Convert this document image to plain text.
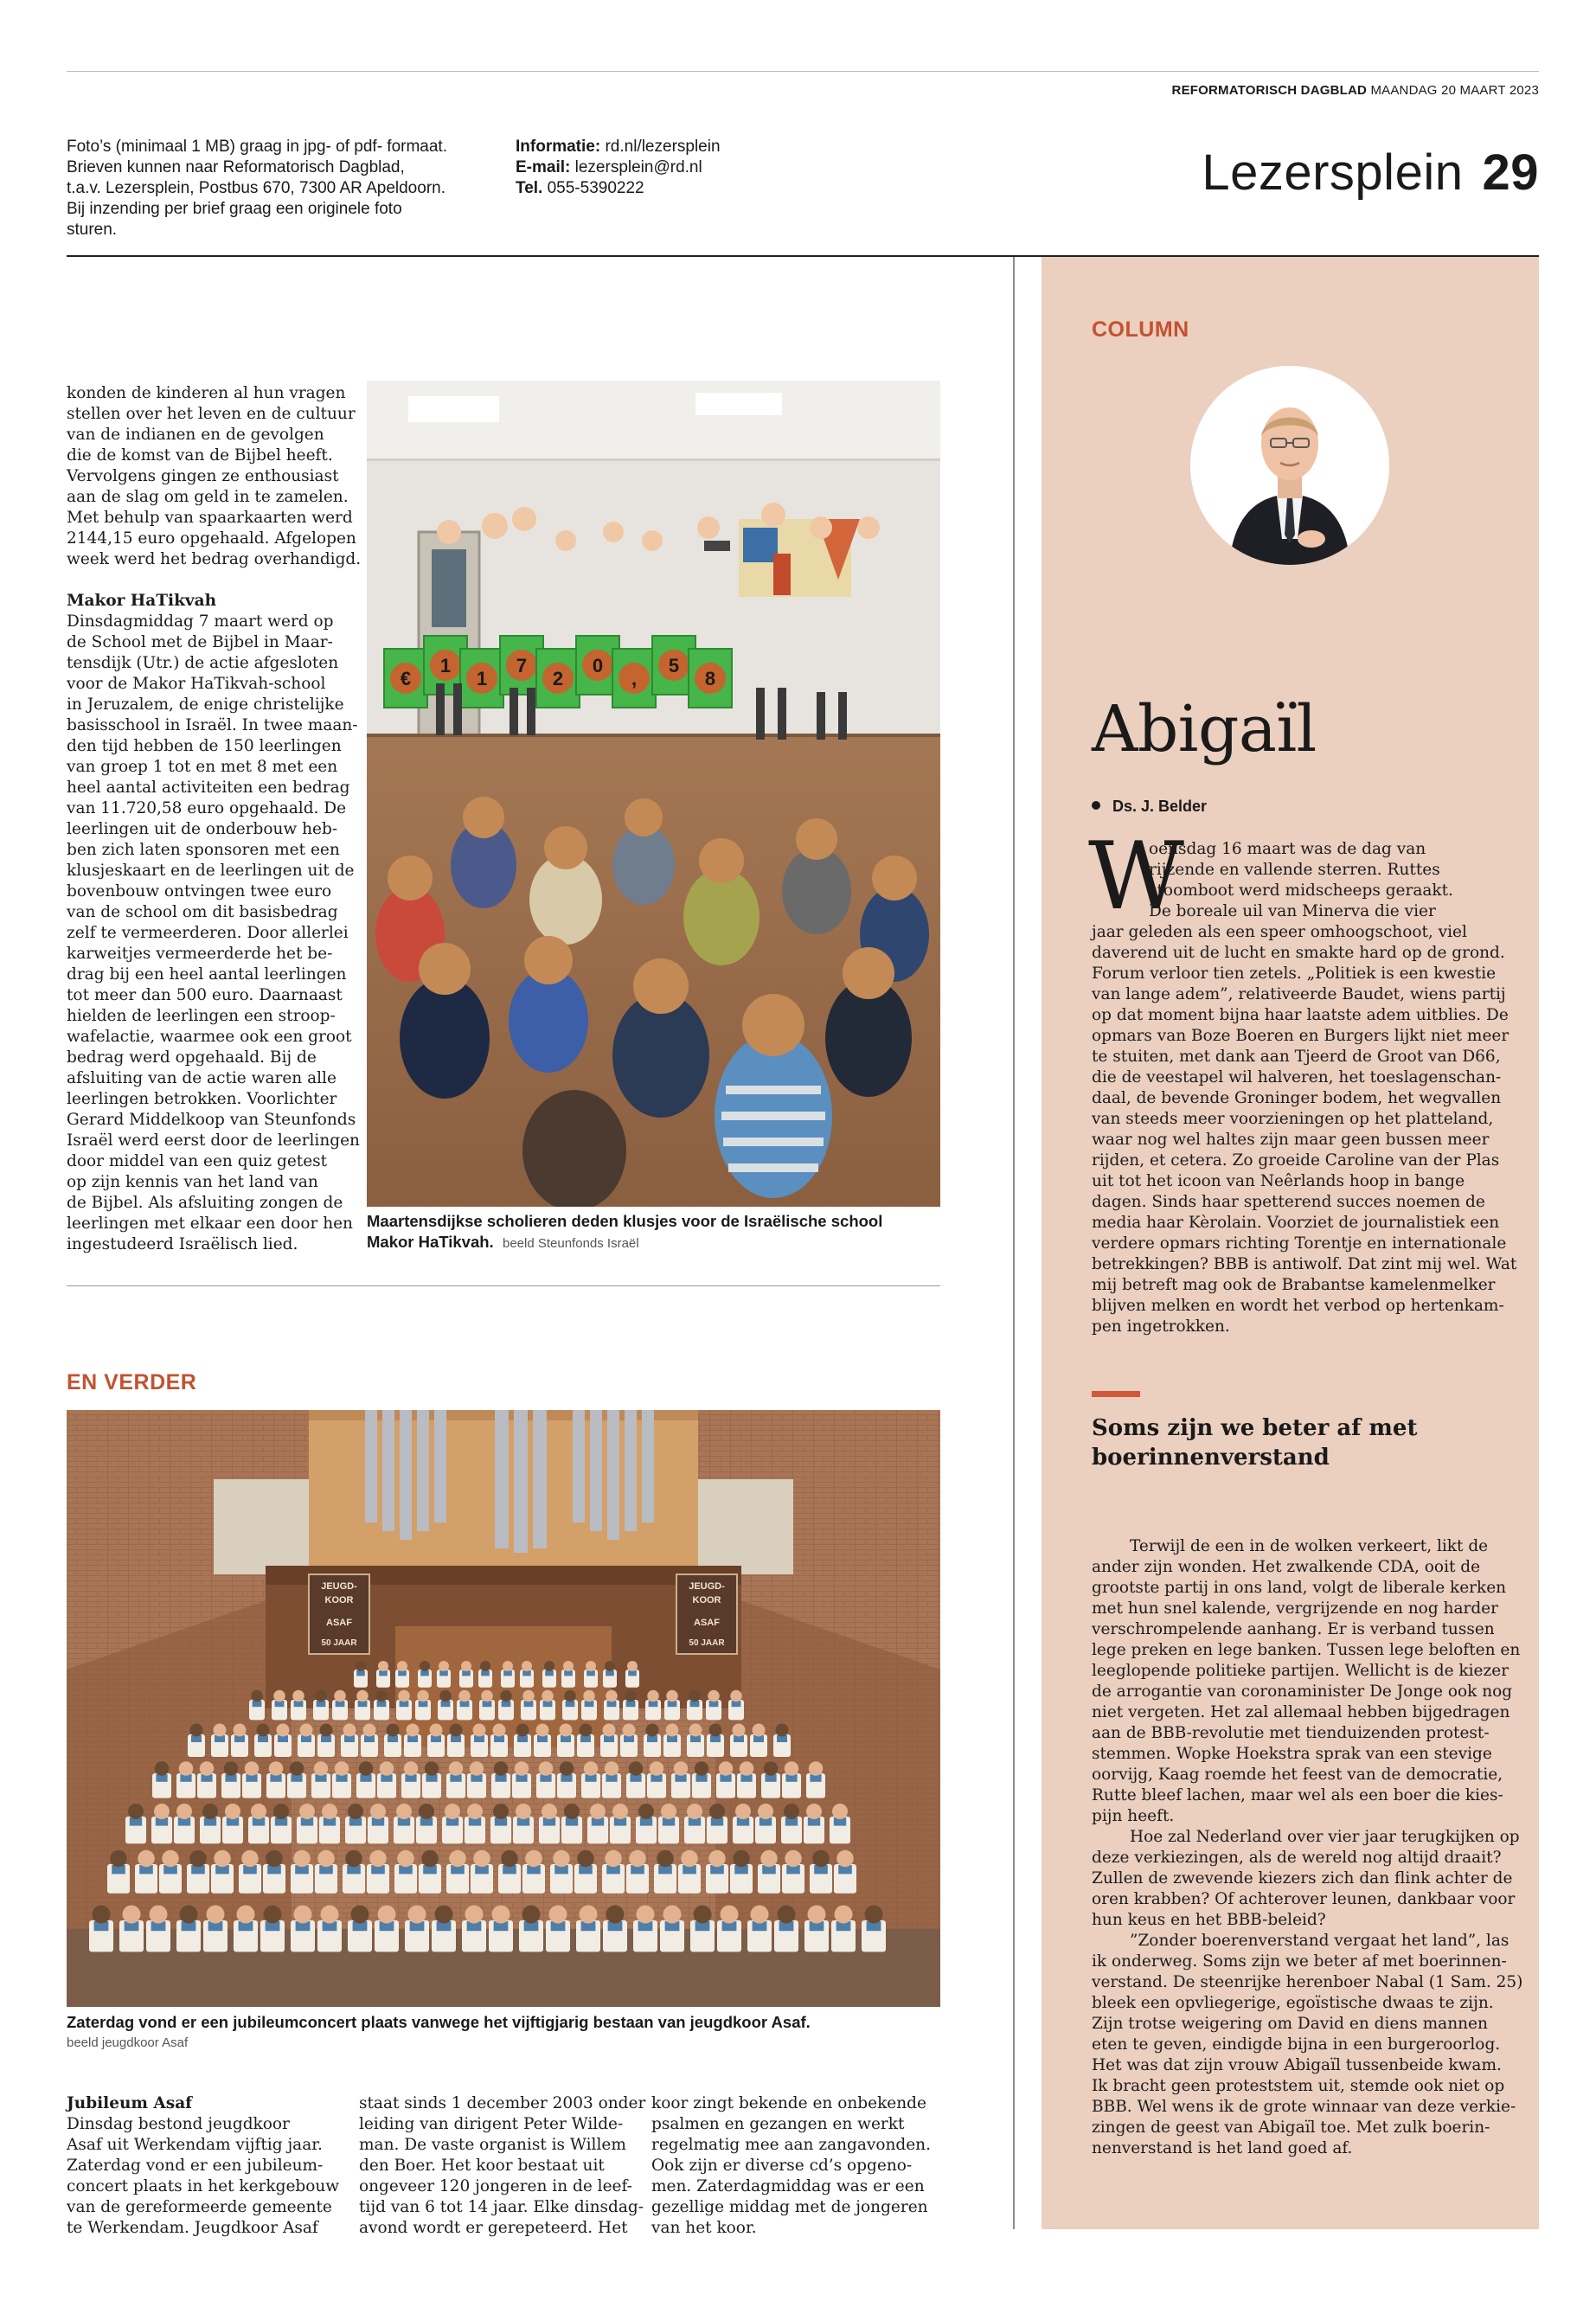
REFORMATORISCH DAGBLAD MAANDAG 20 MAART 2023
Foto’s (minimaal 1 MB) graag in jpg- of pdf- formaat.
Brieven kunnen naar Reformatorisch Dagblad,
t.a.v. Lezersplein, Postbus 670, 7300 AR Apeldoorn.
Bij inzending per brief graag een originele foto
sturen.
Informatie: rd.nl/lezersplein
E-mail: lezersplein@rd.nl
Tel. 055-5390222	Lezersplein 29

konden de kinderen al hun vragen

stellen over het leven en de cultuur

van de indianen en de gevolgen

die de komst van de Bijbel heeft.

Vervolgens gingen ze enthousiast

aan de slag om geld in te zamelen.

Met behulp van spaarkaarten werd

2144,15 euro opgehaald. Afgelopen

week werd het bedrag overhandigd.

Makor HaTikvah

Dinsdagmiddag 7 maart werd op

de School met de Bijbel in Maar-

tensdijk (Utr.) de actie afgesloten

voor de Makor HaTikvah-school

in Jeruzalem, de enige christelijke

basisschool in Israël. In twee maan-

den tijd hebben de 150 leerlingen

van groep 1 tot en met 8 met een

heel aantal activiteiten een bedrag

van 11.720,58 euro opgehaald. De

leerlingen uit de onderbouw heb-

ben zich laten sponsoren met een

klusjeskaart en de leerlingen uit de

bovenbouw ontvingen twee euro

van de school om dit basisbedrag

zelf te vermeerderen. Door allerlei

karweitjes vermeerderde het be-

drag bij een heel aantal leerlingen

tot meer dan 500 euro. Daarnaast

hielden de leerlingen een stroop-

wafelactie, waarmee ook een groot

bedrag werd opgehaald. Bij de

afsluiting van de actie waren alle

leerlingen betrokken. Voorlichter

Gerard Middelkoop van Steunfonds

Israël werd eerst door de leerlingen

door middel van een quiz getest

op zijn kennis van het land van

de Bijbel. Als afsluiting zongen de

leerlingen met elkaar een door hen

ingestudeerd Israëlisch lied.

€
1
1
7
2
0
,
5
8
Maartensdijkse scholieren deden klusjes voor de Israëlische school
Makor HaTikvah. beeld Steunfonds Israël
EN VERDER
JEUGD-
KOOR
ASAF
50 JAAR
JEUGD-
KOOR
ASAF
50 JAAR
Zaterdag vond er een jubileumconcert plaats vanwege het vijftigjarig bestaan van jeugdkoor Asaf.
beeld jeugdkoor Asaf

Jubileum Asaf

Dinsdag bestond jeugdkoor

Asaf uit Werkendam vijftig jaar.

Zaterdag vond er een jubileum-

concert plaats in het kerkgebouw

van de gereformeerde gemeente

te Werkendam. Jeugdkoor Asaf

staat sinds 1 december 2003 onder

leiding van dirigent Peter Wilde-

man. De vaste organist is Willem

den Boer. Het koor bestaat uit

ongeveer 120 jongeren in de leef-

tijd van 6 tot 14 jaar. Elke dinsdag-

avond wordt er gerepeteerd. Het

koor zingt bekende en onbekende

psalmen en gezangen en werkt

regelmatig mee aan zangavonden.

Ook zijn er diverse cd’s opgeno-

men. Zaterdagmiddag was er een

gezellige middag met de jongeren

van het koor.

COLUMN
Abigaïl
Ds. J. Belder
W

oensdag 16 maart was de dag van

rijzende en vallende sterren. Ruttes

stoomboot werd midscheeps geraakt.

De boreale uil van Minerva die vier

jaar geleden als een speer omhoogschoot, viel

daverend uit de lucht en smakte hard op de grond.

Forum verloor tien zetels. „Politiek is een kwestie

van lange adem”, relativeerde Baudet, wiens partij

op dat moment bijna haar laatste adem uitblies. De

opmars van Boze Boeren en Burgers lijkt niet meer

te stuiten, met dank aan Tjeerd de Groot van D66,

die de veestapel wil halveren, het toeslagenschan-

daal, de bevende Groninger bodem, het wegvallen

van steeds meer voorzieningen op het platteland,

waar nog wel haltes zijn maar geen bussen meer

rijden, et cetera. Zo groeide Caroline van der Plas

uit tot het icoon van Neêrlands hoop in bange

dagen. Sinds haar spetterend succes noemen de

media haar Kèrolain. Voorziet de journalistiek een

verdere opmars richting Torentje en internationale

betrekkingen? BBB is antiwolf. Dat zint mij wel. Wat

mij betreft mag ook de Brabantse kamelenmelker

blijven melken en wordt het verbod op hertenkam-

pen ingetrokken.

Soms zijn we beter af met
boerinnenverstand

Terwijl de een in de wolken verkeert, likt de

ander zijn wonden. Het zwalkende CDA, ooit de

grootste partij in ons land, volgt de liberale kerken

met hun snel kalende, vergrijzende en nog harder

verschrompelende aanhang. Er is verband tussen

lege preken en lege banken. Tussen lege beloften en

leeglopende politieke partijen. Wellicht is de kiezer

de arrogantie van coronaminister De Jonge ook nog

niet vergeten. Het zal allemaal hebben bijgedragen

aan de BBB-revolutie met tienduizenden protest-

stemmen. Wopke Hoekstra sprak van een stevige

oorvijg, Kaag roemde het feest van de democratie,

Rutte bleef lachen, maar wel als een boer die kies-

pijn heeft.

Hoe zal Nederland over vier jaar terugkijken op

deze verkiezingen, als de wereld nog altijd draait?

Zullen de zwevende kiezers zich dan flink achter de

oren krabben? Of achterover leunen, dankbaar voor

hun keus en het BBB-beleid?

”Zonder boerenverstand vergaat het land”, las

ik onderweg. Soms zijn we beter af met boerinnen-

verstand. De steenrijke herenboer Nabal (1 Sam. 25)

bleek een opvliegerige, egoïstische dwaas te zijn.

Zijn trotse weigering om David en diens mannen

eten te geven, eindigde bijna in een burgeroorlog.

Het was dat zijn vrouw Abigaïl tussenbeide kwam.

Ik bracht geen proteststem uit, stemde ook niet op

BBB. Wel wens ik de grote winnaar van deze verkie-

zingen de geest van Abigaïl toe. Met zulk boerin-

nenverstand is het land goed af.
